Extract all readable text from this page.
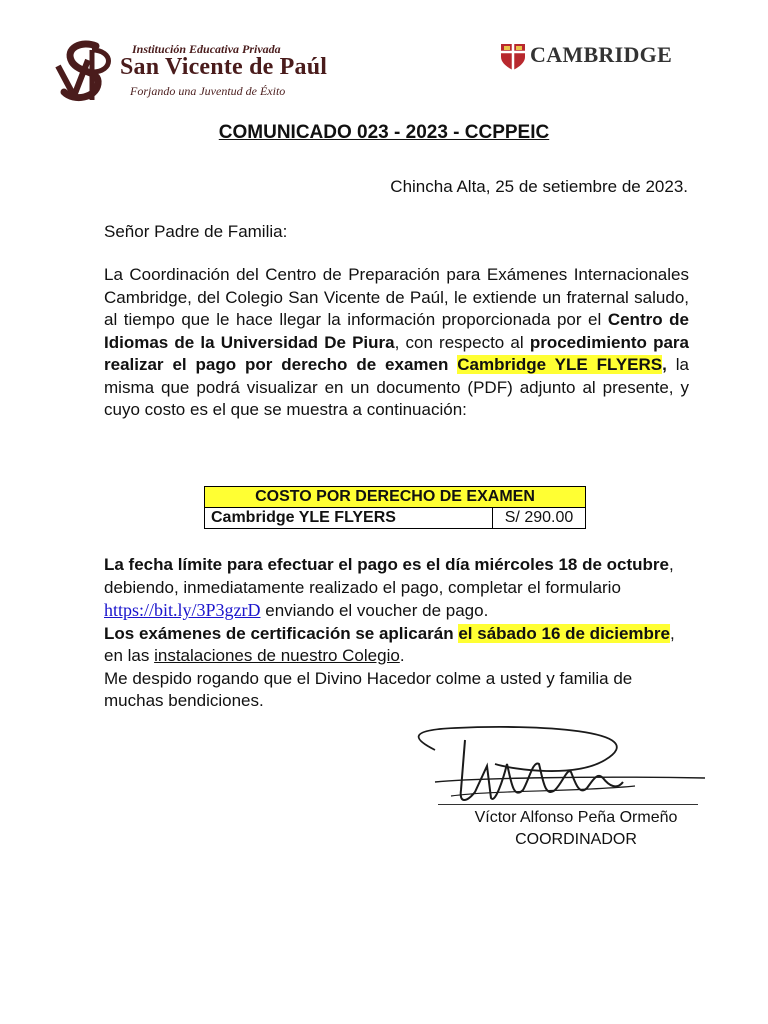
Institución Educativa Privada
San Vicente de Paúl
Forjando una Juventud de Éxito
CAMBRIDGE
COMUNICADO 023 - 2023 - CCPPEIC
Chincha Alta, 25 de setiembre de 2023.
Señor Padre de Familia:
La Coordinación del Centro de Preparación para Exámenes Internacionales Cambridge, del Colegio San Vicente de Paúl, le extiende un fraternal saludo, al tiempo que le hace llegar la información proporcionada por el Centro de Idiomas de la Universidad De Piura, con respecto al procedimiento para realizar el pago por derecho de examen Cambridge YLE FLYERS, la misma que podrá visualizar en un documento (PDF) adjunto al presente, y cuyo costo es el que se muestra a continuación:
COSTO POR DERECHO DE EXAMEN
Cambridge YLE FLYERS	S/ 290.00
La fecha límite para efectuar el pago es el día miércoles 18 de octubre, debiendo, inmediatamente realizado el pago, completar el formulario https://bit.ly/3P3gzrD enviando el voucher de pago.
Los exámenes de certificación se aplicarán el sábado 16 de diciembre, en las instalaciones de nuestro Colegio.
Me despido rogando que el Divino Hacedor colme a usted y familia de muchas bendiciones.
Víctor Alfonso Peña Ormeño
COORDINADOR
